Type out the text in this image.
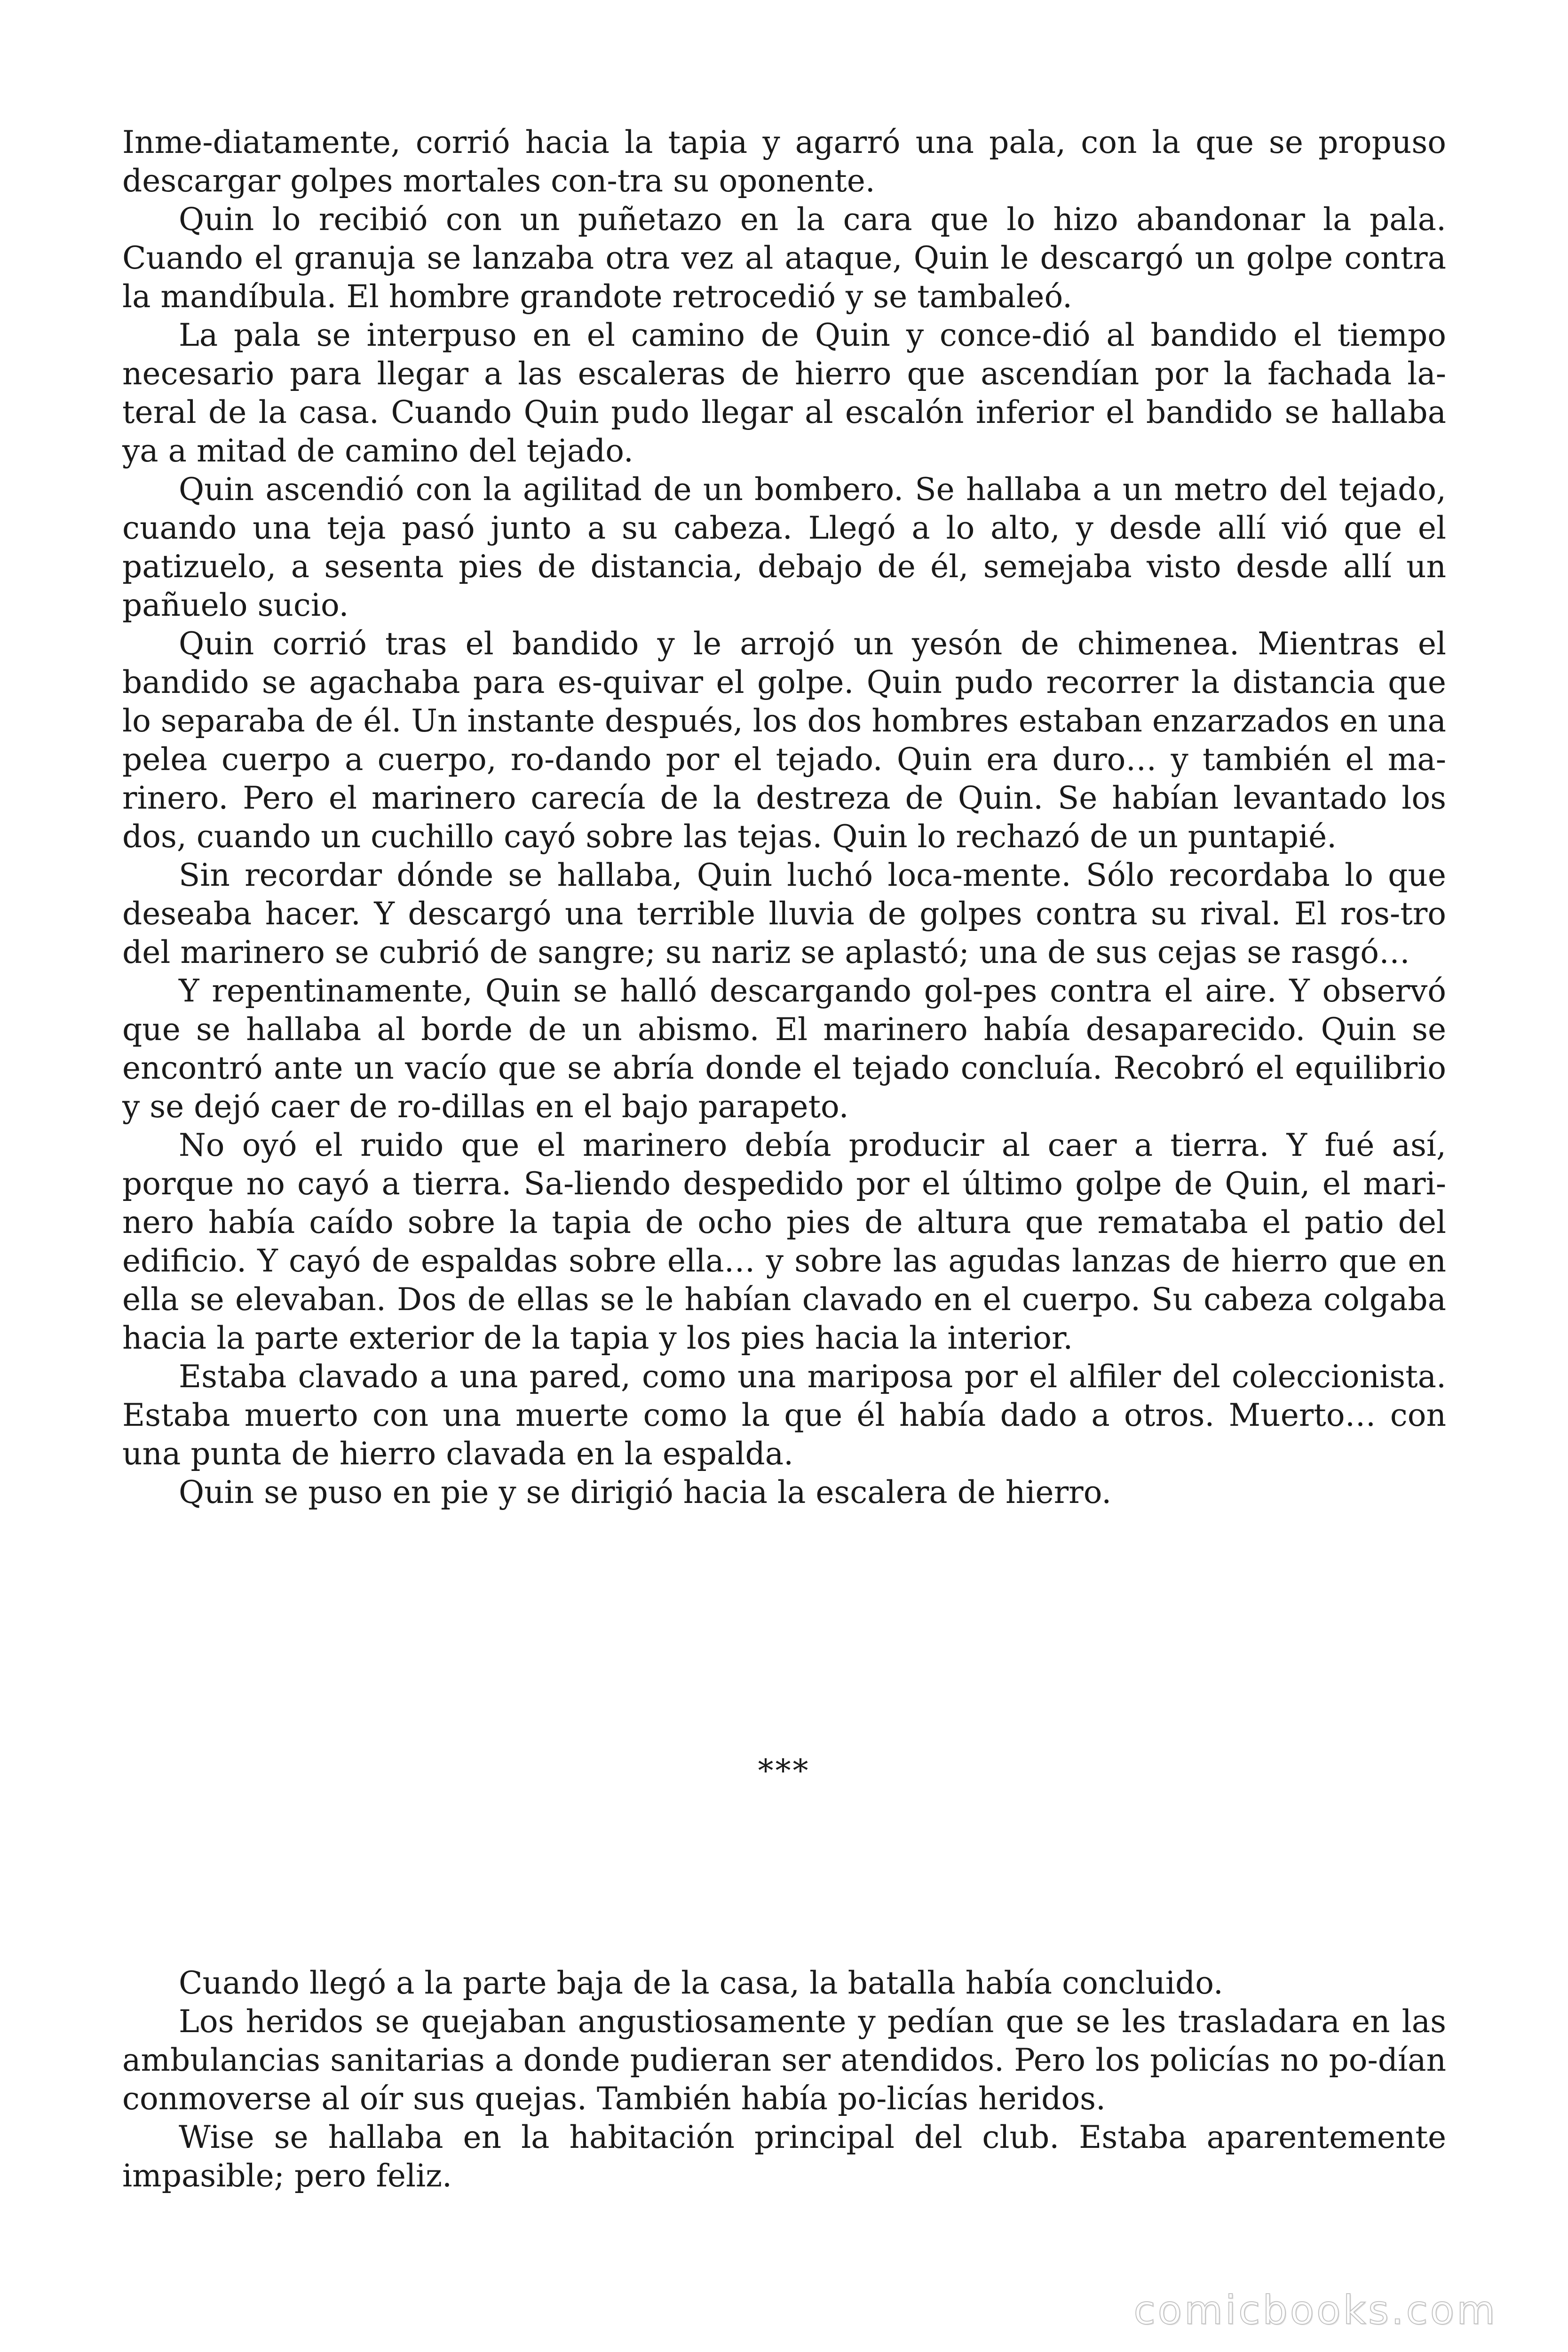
Inme-diatamente, corrió hacia la tapia y agarró una pala, con la que se propuso descargar golpes mortales con-tra su oponente.

Quin lo recibió con un puñetazo en la cara que lo hizo abandonar la pala. Cuando el granuja se lanzaba otra vez al ataque, Quin le descargó un golpe contra la mandíbula. El hombre grandote retrocedió y se tambaleó.

La pala se interpuso en el camino de Quin y conce-dió al bandido el tiempo necesario para llegar a las escaleras de hierro que ascendían por la fachada la-teral de la casa. Cuando Quin pudo llegar al escalón inferior el bandido se hallaba ya a mitad de camino del tejado.

Quin ascendió con la agilitad de un bombero. Se hallaba a un metro del tejado, cuando una teja pasó junto a su cabeza. Llegó a lo alto, y desde allí vió que el patizuelo, a sesenta pies de distancia, debajo de él, semejaba visto desde allí un pañuelo sucio.

Quin corrió tras el bandido y le arrojó un yesón de chimenea. Mientras el bandido se agachaba para es-quivar el golpe. Quin pudo recorrer la distancia que lo separaba de él. Un instante después, los dos hombres estaban enzarzados en una pelea cuerpo a cuerpo, ro-dando por el tejado. Quin era duro… y también el ma-rinero. Pero el marinero carecía de la destreza de Quin. Se habían levantado los dos, cuando un cuchillo cayó sobre las tejas. Quin lo rechazó de un puntapié.

Sin recordar dónde se hallaba, Quin luchó loca-mente. Sólo recordaba lo que deseaba hacer. Y descargó una terrible lluvia de golpes contra su rival. El ros-tro del marinero se cubrió de sangre; su nariz se aplastó; una de sus cejas se rasgó…

Y repentinamente, Quin se halló descargando gol-pes contra el aire. Y observó que se hallaba al borde de un abismo. El marinero había desaparecido. Quin se encontró ante un vacío que se abría donde el tejado concluía. Recobró el equilibrio y se dejó caer de ro-dillas en el bajo parapeto.

No oyó el ruido que el marinero debía producir al caer a tierra. Y fué así, porque no cayó a tierra. Sa-liendo despedido por el último golpe de Quin, el mari-nero había caído sobre la tapia de ocho pies de altura que remataba el patio del edificio. Y cayó de espaldas sobre ella… y sobre las agudas lanzas de hierro que en ella se elevaban. Dos de ellas se le habían clavado en el cuerpo. Su cabeza colgaba hacia la parte exterior de la tapia y los pies hacia la interior.

Estaba clavado a una pared, como una mariposa por el alfiler del coleccionista. Estaba muerto con una muerte como la que él había dado a otros. Muerto… con una punta de hierro clavada en la espalda.

Quin se puso en pie y se dirigió hacia la escalera de hierro.

***

Cuando llegó a la parte baja de la casa, la batalla había concluido.

Los heridos se quejaban angustiosamente y pedían que se les trasladara en las ambulancias sanitarias a donde pudieran ser atendidos. Pero los policías no po-dían conmoverse al oír sus quejas. También había po-licías heridos.

Wise se hallaba en la habitación principal del club. Estaba aparentemente impasible; pero feliz.

comicbooks.com
